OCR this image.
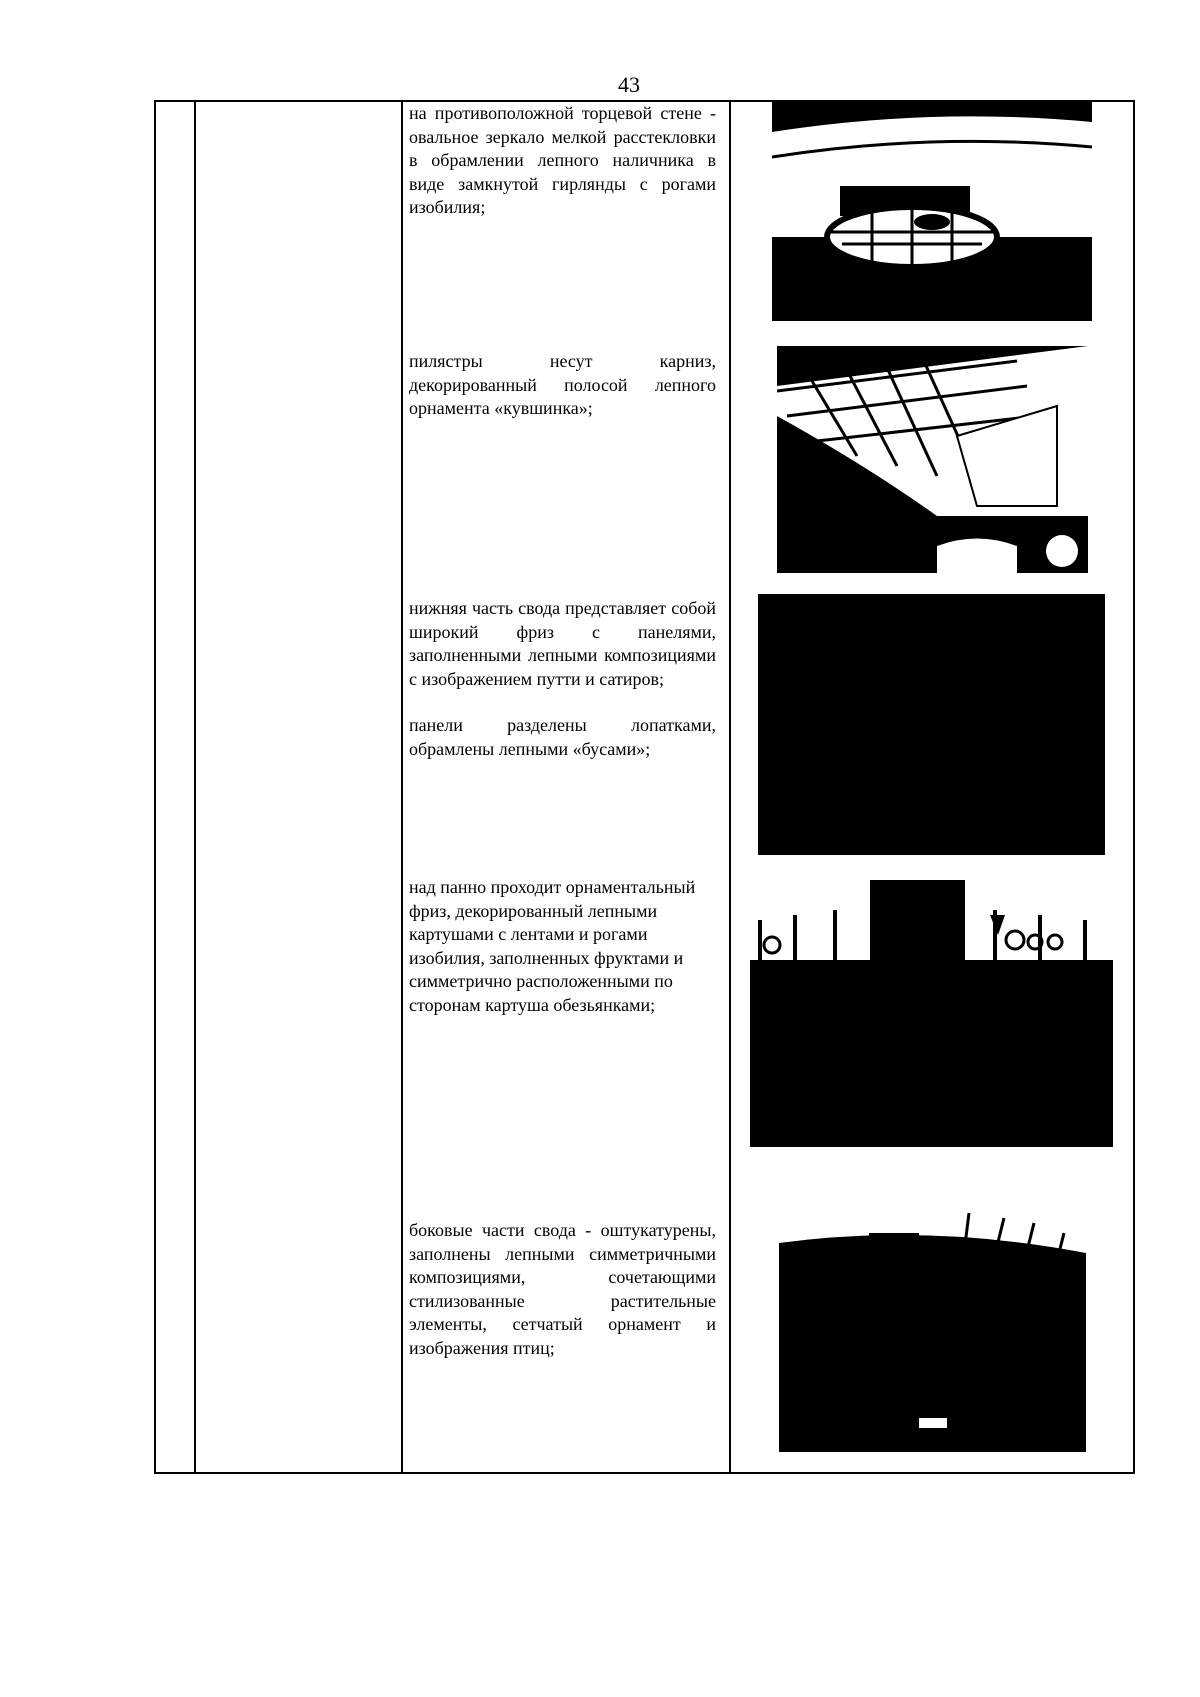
43

на противоположной торцевой стене - овальное зеркало мелкой расстекловки в обрамлении лепного наличника в виде замкнутой гирлянды с рогами изобилия;

пилястры несут карниз, декорированный полосой лепного орнамента «кувшинка»;

нижняя часть свода представляет собой широкий фриз с панелями, заполненными лепными композициями с изображением путти и сатиров;

панели разделены лопатками, обрамлены лепными «бусами»;

над панно проходит орнаментальный фриз, декорированный лепными картушами с лентами и рогами изобилия, заполненных фруктами и симметрично расположенными по сторонам картуша обезьянками;

боковые части свода - оштукатурены, заполнены лепными симметричными композициями, сочетающими стилизованные растительные элементы, сетчатый орнамент и изображения птиц;
